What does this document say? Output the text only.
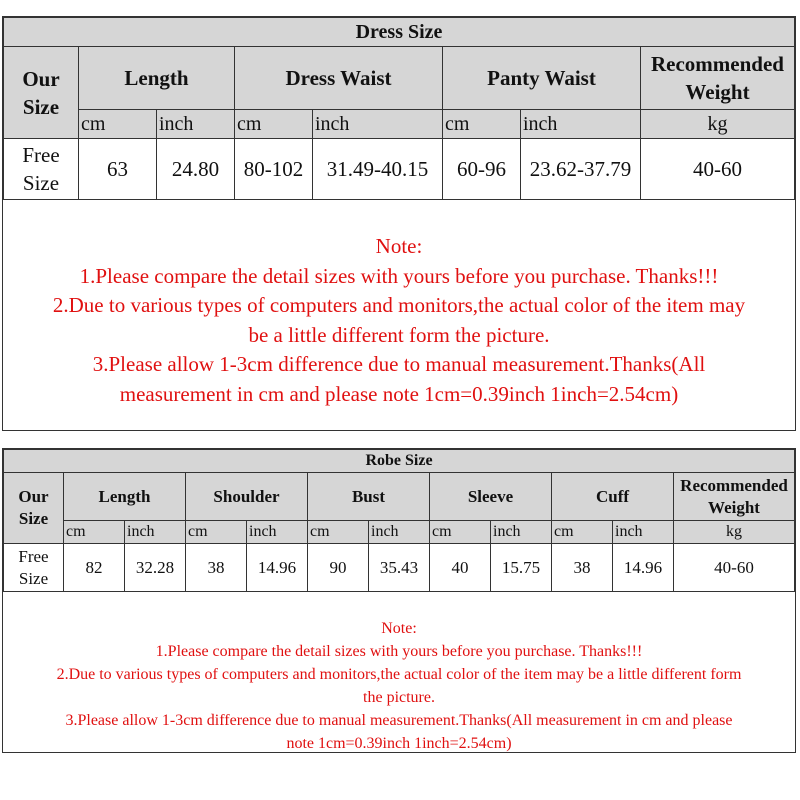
Dress Size							
Our
Size	Length		Dress Waist		Panty Waist		Recommended
Weight
	cm	inch	cm	inch	cm	inch	kg
Free
Size	63	24.80	80-102	31.49-40.15	60-96	23.62-37.79	40-60
Note:
1.Please compare the detail sizes with yours before you purchase. Thanks!!!
2.Due to various types of computers and monitors,the actual color of the item may
be a little different form the picture.
3.Please allow 1-3cm difference due to manual measurement.Thanks(All
measurement in cm and please note 1cm=0.39inch 1inch=2.54cm)
Robe Size											
Our
Size	Length		Shoulder		Bust		Sleeve		Cuff		Recommended
Weight
	cm	inch	cm	inch	cm	inch	cm	inch	cm	inch	kg
Free
Size	82	32.28	38	14.96	90	35.43	40	15.75	38	14.96	40-60
Note:
1.Please compare the detail sizes with yours before you purchase. Thanks!!!
2.Due to various types of computers and monitors,the actual color of the item may be a little different form
the picture.
3.Please allow 1-3cm difference due to manual measurement.Thanks(All measurement in cm and please
note 1cm=0.39inch 1inch=2.54cm)
